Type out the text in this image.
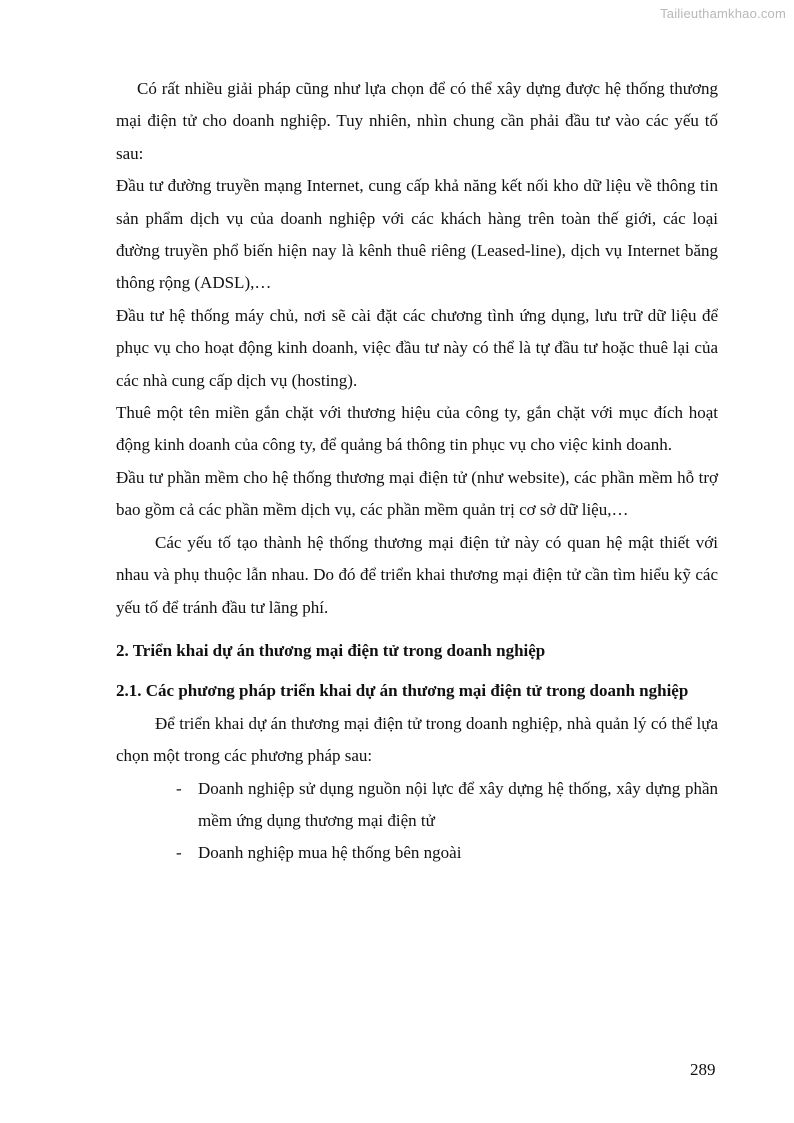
Tailieuthamkhao.com

Có rất nhiều giải pháp cũng như lựa chọn để có thể xây dựng được hệ thống thương mại điện tử cho doanh nghiệp. Tuy nhiên, nhìn chung cần phải đầu tư vào các yếu tố sau:

Đầu tư đường truyền mạng Internet, cung cấp khả năng kết nối kho dữ liệu về thông tin sản phẩm dịch vụ của doanh nghiệp với các khách hàng trên toàn thế giới, các loại đường truyền phổ biến hiện nay là kênh thuê riêng (Leased-line), dịch vụ Internet băng thông rộng (ADSL),…

Đầu tư hệ thống máy chủ, nơi sẽ cài đặt các chương tình ứng dụng, lưu trữ dữ liệu để phục vụ cho hoạt động kinh doanh, việc đầu tư này có thể là tự đầu tư hoặc thuê lại của các nhà cung cấp dịch vụ (hosting).

Thuê một tên miền gắn chặt với thương hiệu của công ty, gắn chặt với mục đích hoạt động kinh doanh của công ty, để quảng bá thông tin phục vụ cho việc kinh doanh.

Đầu tư phần mềm cho hệ thống thương mại điện tử (như website), các phần mềm hỗ trợ bao gồm cả các phần mềm dịch vụ, các phần mềm quản trị cơ sở dữ liệu,…

Các yếu tố tạo thành hệ thống thương mại điện tử này có quan hệ mật thiết với nhau và phụ thuộc lẫn nhau. Do đó để triển khai thương mại điện tử cần tìm hiểu kỹ các yếu tố để tránh đầu tư lãng phí.

2. Triển khai dự án thương mại điện tử trong doanh nghiệp
2.1. Các phương pháp triển khai dự án thương mại điện tử trong doanh nghiệp

Để triển khai dự án thương mại điện tử trong doanh nghiệp, nhà quản lý có thể lựa chọn một trong các phương pháp sau:

- Doanh nghiệp sử dụng nguồn nội lực để xây dựng hệ thống, xây dựng phần mềm ứng dụng thương mại điện tử
- Doanh nghiệp mua hệ thống bên ngoài
289
